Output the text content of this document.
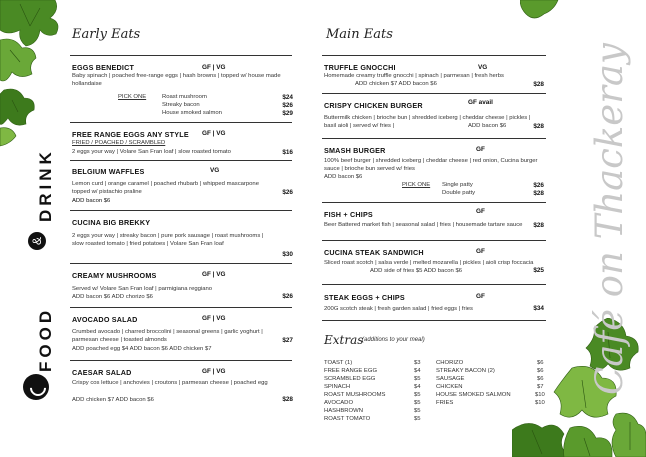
FOOD
&
DRINK	Café on Thackeray
Early Eats
EGGS BENEDICT	GF | VG
Baby spinach | poached free-range eggs | hash browns | topped w/ house made hollandaise
PICK ONE	Roast mushroom	$24
Streaky bacon	$26
House smoked salmon	$29
FREE RANGE EGGS ANY STYLE GF | VG
FRIED / POACHED / SCRAMBLED
2 eggs your way | Volare San Fran loaf | slow roasted tomato	$16
BELGIUM WAFFLES	VG
Lemon curd | orange caramel | poached rhubarb | whipped mascarpone topped w/ pistachio praline
ADD bacon $6
$26
CUCINA BIG BREKKY
2 eggs your way | streaky bacon | pure pork sausage | roast mushrooms | slow roasted tomato | fried potatoes | Volare San Fran loaf
$30
CREAMY MUSHROOMS	GF | VG
Served w/ Volare San Fran loaf | parmigiana reggiano
ADD bacon $6 ADD chorizo $6	$26
AVOCADO SALAD	GF | VG
Crumbed avocado | charred broccolini | seasonal greens | garlic yoghurt | parmesan cheese | toasted almonds
ADD poached egg $4 ADD bacon $6 ADD chicken $7
$27
CAESAR SALAD	GF | VG
Crispy cos lettuce | anchovies | croutons | parmesan cheese | poached egg
ADD chicken $7 ADD bacon $6	$28
Main Eats
TRUFFLE GNOCCHI	VG
Homemade creamy truffle gnocchi | spinach | parmesan | fresh herbs
ADD chicken $7 ADD bacon $6	$28
CRISPY CHICKEN BURGER	GF avail
Buttermilk chicken | brioche bun | shredded iceberg | cheddar cheese | pickles | basil aioli | served w/ fries |	ADD bacon $6	$28
SMASH BURGER	GF
100% beef burger | shredded iceberg | cheddar cheese | red onion, Cucina burger sauce | brioche bun served w/ fries
ADD bacon $6
PICK ONE Single patty	$26
Double patty	$28
FISH + CHIPS	GF
Beer Battered market fish | seasonal salad | fries | housemade tartare sauce	$28
CUCINA STEAK SANDWICH	GF
Sliced roast scotch | salsa verde | melted mozarella | pickles | aioli crisp foccacia
ADD side of fries $5 ADD bacon $6	$25
STEAK EGGS + CHIPS	GF
200G scotch steak | fresh garden salad | fried eggs | fries	$34
Extras
(additions to your meal)
TOAST (1)	$3
FREE RANGE EGG	$4
SCRAMBLED EGG	$5
SPINACH	$4
ROAST MUSHROOMS	$5
AVOCADO	$5
HASHBROWN	$5
ROAST TOMATO	$5
CHORIZO	$6
STREAKY BACON (2)	$6
SAUSAGE	$6
CHICKEN	$7
HOUSE SMOKED SALMON	$10
FRIES	$10
